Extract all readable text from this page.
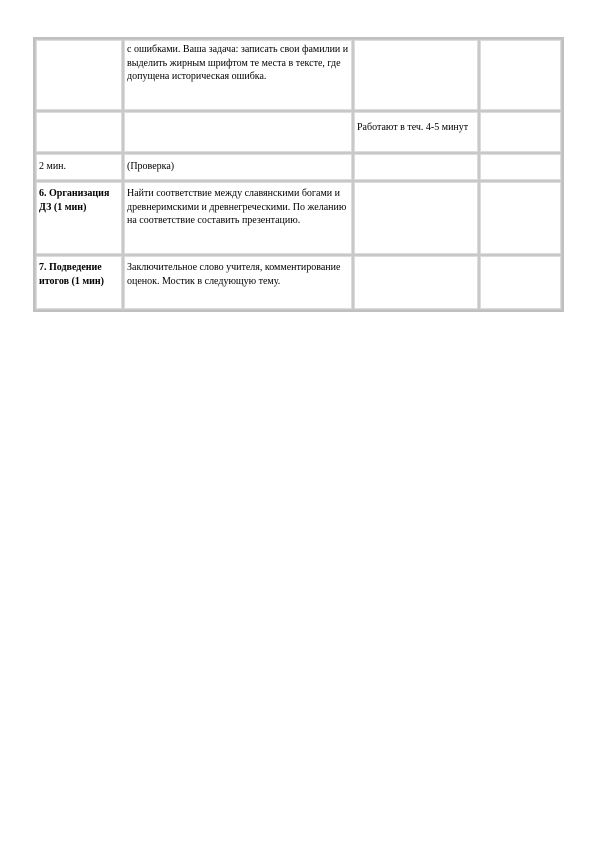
	с ошибками. Ваша задача: записать свои фамилии и выделить жирным шрифтом те места в тексте, где допущена историческая ошибка.		
		Работают в теч. 4-5 минут	
2 мин.	(Проверка)		
6. Организация ДЗ (1 мин)	Найти соответствие между славянскими богами и древнеримскими и древнегреческими. По желанию на соответствие составить презентацию.		
7. Подведение итогов (1 мин)	Заключительное слово учителя, комментирование оценок. Мостик в следующую тему.		
